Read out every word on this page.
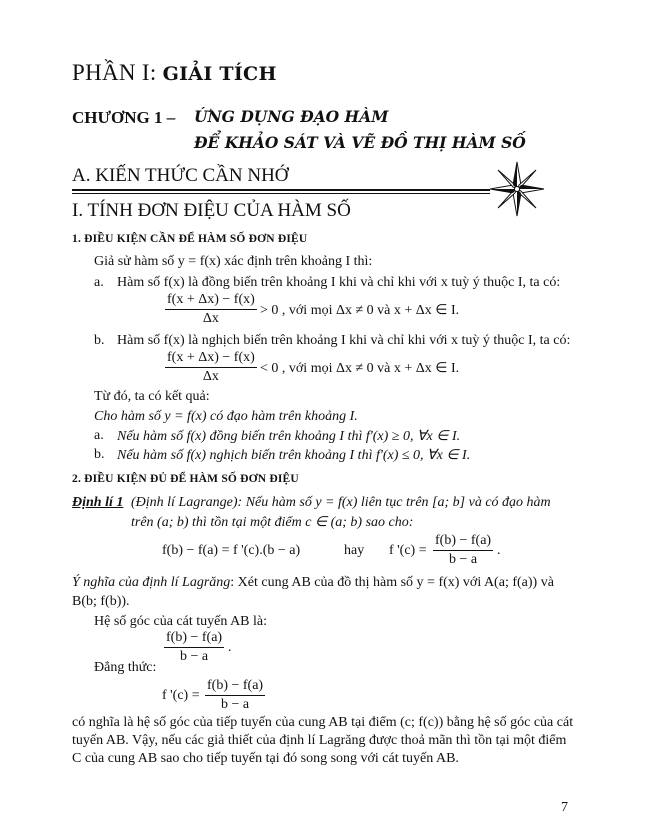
PHẦN I: GIẢI TÍCH
CHƯƠNG 1 – ỨNG DỤNG ĐẠO HÀM
ĐỂ KHẢO SÁT VÀ VẼ ĐỒ THỊ HÀM SỐ
A. KIẾN THỨC CẦN NHỚ
I. TÍNH ĐƠN ĐIỆU CỦA HÀM SỐ
1. ĐIỀU KIỆN CẦN ĐỂ HÀM SỐ ĐƠN ĐIỆU
Giả sử hàm số y = f(x) xác định trên khoảng I thì:
a. Hàm số f(x) là đồng biến trên khoảng I khi và chỉ khi với x tuỳ ý thuộc I, ta có:
$\frac{f(x + \Delta x) - f(x)}{\Delta x} > 0$ , với mọi Δx ≠ 0 và x + Δx ∈ I.
b. Hàm số f(x) là nghịch biến trên khoảng I khi và chỉ khi với x tuỳ ý thuộc I, ta có:
$\frac{f(x + \Delta x) - f(x)}{\Delta x} < 0$ , với mọi Δx ≠ 0 và x + Δx ∈ I.
Từ đó, ta có kết quả:
Cho hàm số y = f(x) có đạo hàm trên khoảng I.
a. Nếu hàm số f(x) đồng biến trên khoảng I thì f'(x) ≥ 0, ∀x ∈ I.
b. Nếu hàm số f(x) nghịch biến trên khoảng I thì f'(x) ≤ 0, ∀x ∈ I.
2. ĐIỀU KIỆN ĐỦ ĐỂ HÀM SỐ ĐƠN ĐIỆU
Định lí 1 (Định lí Lagrange): Nếu hàm số y = f(x) liên tục trên [a; b] và có đạo hàm
trên (a; b) thì tồn tại một điểm c ∈ (a; b) sao cho:
f(b) − f(a) = f '(c).(b − a)	hay f '$(c) = \frac{f(b) - f(a)}{b - a}$ .
Ý nghĩa của định lí Lagrăng: Xét cung AB của đồ thị hàm số y = f(x) với A(a; f(a)) và
B(b; f(b)).
Hệ số góc của cát tuyến AB là:
$\frac{f(b) - f(a)}{b - a}$ .
Đẳng thức:
f '$(c) = \frac{f(b) - f(a)}{b - a}$
có nghĩa là hệ số góc của tiếp tuyến của cung AB tại điểm (c; f(c)) bằng hệ số góc của cát
tuyến AB. Vậy, nếu các giả thiết của định lí Lagrăng được thoả mãn thì tồn tại một điểm
C của cung AB sao cho tiếp tuyến tại đó song song với cát tuyến AB.
7
